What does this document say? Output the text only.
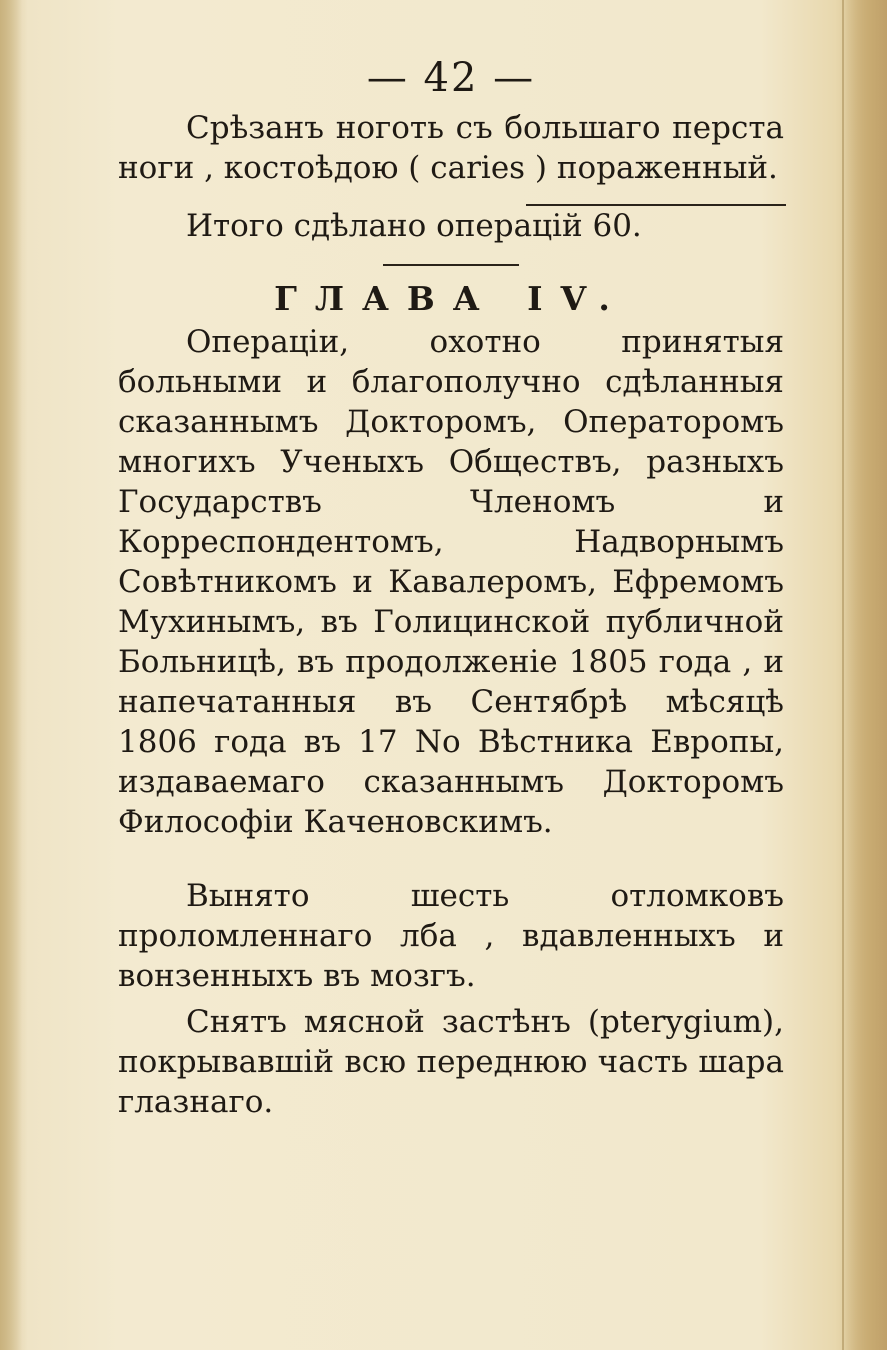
— 42 —

Срѣзанъ ноготь съ большаго перста ноги , костоѣдою ( caries ) пораженный.

Итого сдѣлано операцій 60.

ГЛАВА IV.

Операціи, охотно принятыя больными и благополучно сдѣланныя сказаннымъ Докторомъ, Операторомъ многихъ Ученыхъ Обществъ, разныхъ Государствъ Членомъ и Корреспондентомъ, Надворнымъ Совѣтникомъ и Кавалеромъ, Ефремомъ Мухинымъ, въ Голицинской публичной Больницѣ, въ продолженіе 1805 года , и напечатанныя въ Сентябрѣ мѣсяцѣ 1806 года въ 17 No Вѣстника Европы, издаваемаго сказаннымъ Докторомъ Философіи Каченовскимъ.

Вынято шесть отломковъ проломленнаго лба , вдавленныхъ и вонзенныхъ въ мозгъ.

Снятъ мясной застѣнъ (pterygium), покрывавшій всю переднюю часть шара глазнаго.
